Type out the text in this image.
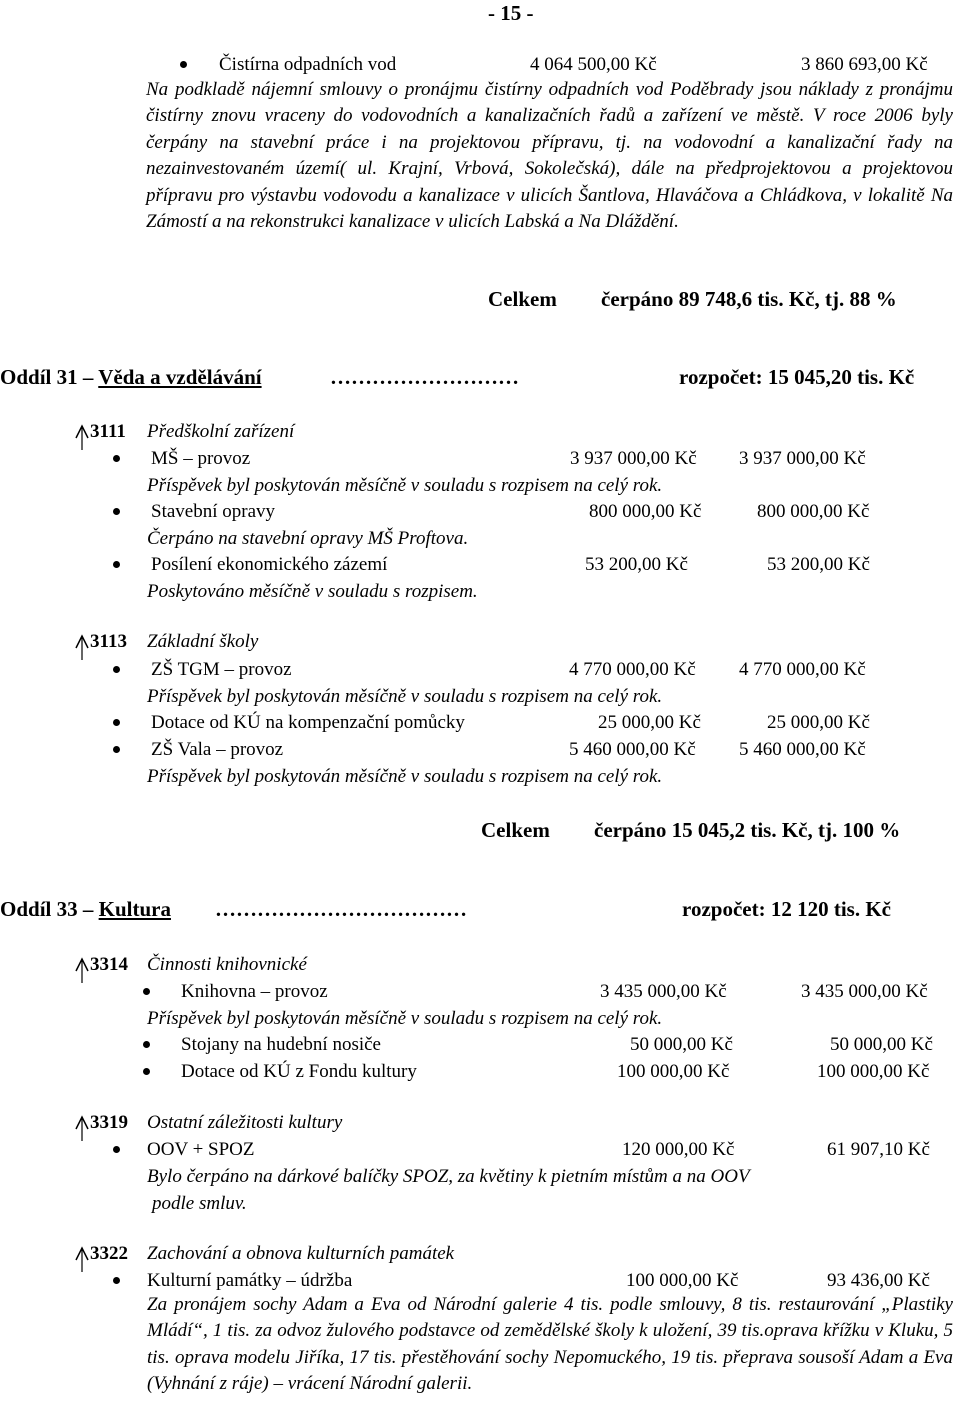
- 15 -
Čistírna odpadních vod	4 064 500,00 Kč	3 860 693,00 Kč
Na podkladě nájemní smlouvy o pronájmu čistírny odpadních vod Poděbrady jsou náklady z pronájmu čistírny znovu vraceny do vodovodních a kanalizačních řadů a zařízení ve městě. V roce 2006 byly čerpány na stavební práce i na projektovou přípravu, tj. na vodovodní a kanalizační řady na nezainvestovaném území( ul. Krajní, Vrbová, Sokolečská), dále na předprojektovou a projektovou přípravu pro výstavbu vodovodu a kanalizace v ulicích Šantlova, Hlaváčova a Chládkova, v lokalitě Na Zámostí a na rekonstrukci kanalizace v ulicích Labská a Na Dláždění.
Celkem čerpáno 89 748,6 tis. Kč, tj. 88 %
Oddíl 31 – Věda a vzdělávání	………………………	rozpočet: 15 045,20 tis. Kč
3111 Předškolní zařízení
MŠ – provoz	3 937 000,00 Kč 3 937 000,00 Kč
Příspěvek byl poskytován měsíčně v souladu s rozpisem na celý rok.
Stavební opravy	800 000,00 Kč	800 000,00 Kč
Čerpáno na stavební opravy MŠ Proftova.
Posílení ekonomického zázemí	53 200,00 Kč	53 200,00 Kč
Poskytováno měsíčně v souladu s rozpisem.
3113 Základní školy
ZŠ TGM – provoz	4 770 000,00 Kč 4 770 000,00 Kč
Příspěvek byl poskytován měsíčně v souladu s rozpisem na celý rok.
Dotace od KÚ na kompenzační pomůcky	25 000,00 Kč	25 000,00 Kč
ZŠ Vala – provoz	5 460 000,00 Kč 5 460 000,00 Kč
Příspěvek byl poskytován měsíčně v souladu s rozpisem na celý rok.
Celkem čerpáno 15 045,2 tis. Kč, tj. 100 %
Oddíl 33 – Kultura ………………………………	rozpočet: 12 120 tis. Kč
3314 Činnosti knihovnické
Knihovna – provoz	3 435 000,00 Kč	3 435 000,00 Kč
Příspěvek byl poskytován měsíčně v souladu s rozpisem na celý rok.
Stojany na hudební nosiče	50 000,00 Kč	50 000,00 Kč
Dotace od KÚ z Fondu kultury	100 000,00 Kč	100 000,00 Kč
3319 Ostatní záležitosti kultury
OOV + SPOZ	120 000,00 Kč	61 907,10 Kč
Bylo čerpáno na dárkové balíčky SPOZ, za květiny k pietním místům a na OOV
podle smluv.
3322 Zachování a obnova kulturních památek
Kulturní památky – údržba	100 000,00 Kč	93 436,00 Kč
Za pronájem sochy Adam a Eva od Národní galerie 4 tis. podle smlouvy, 8 tis. restaurování „Plastiky Mládí“, 1 tis. za odvoz žulového podstavce od zemědělské školy k uložení, 39 tis.oprava křížku v Kluku, 5 tis. oprava modelu Jiříka, 17 tis. přestěhování sochy Nepomuckého, 19 tis. přeprava sousoší Adam a Eva (Vyhnání z ráje) – vrácení Národní galerii.
